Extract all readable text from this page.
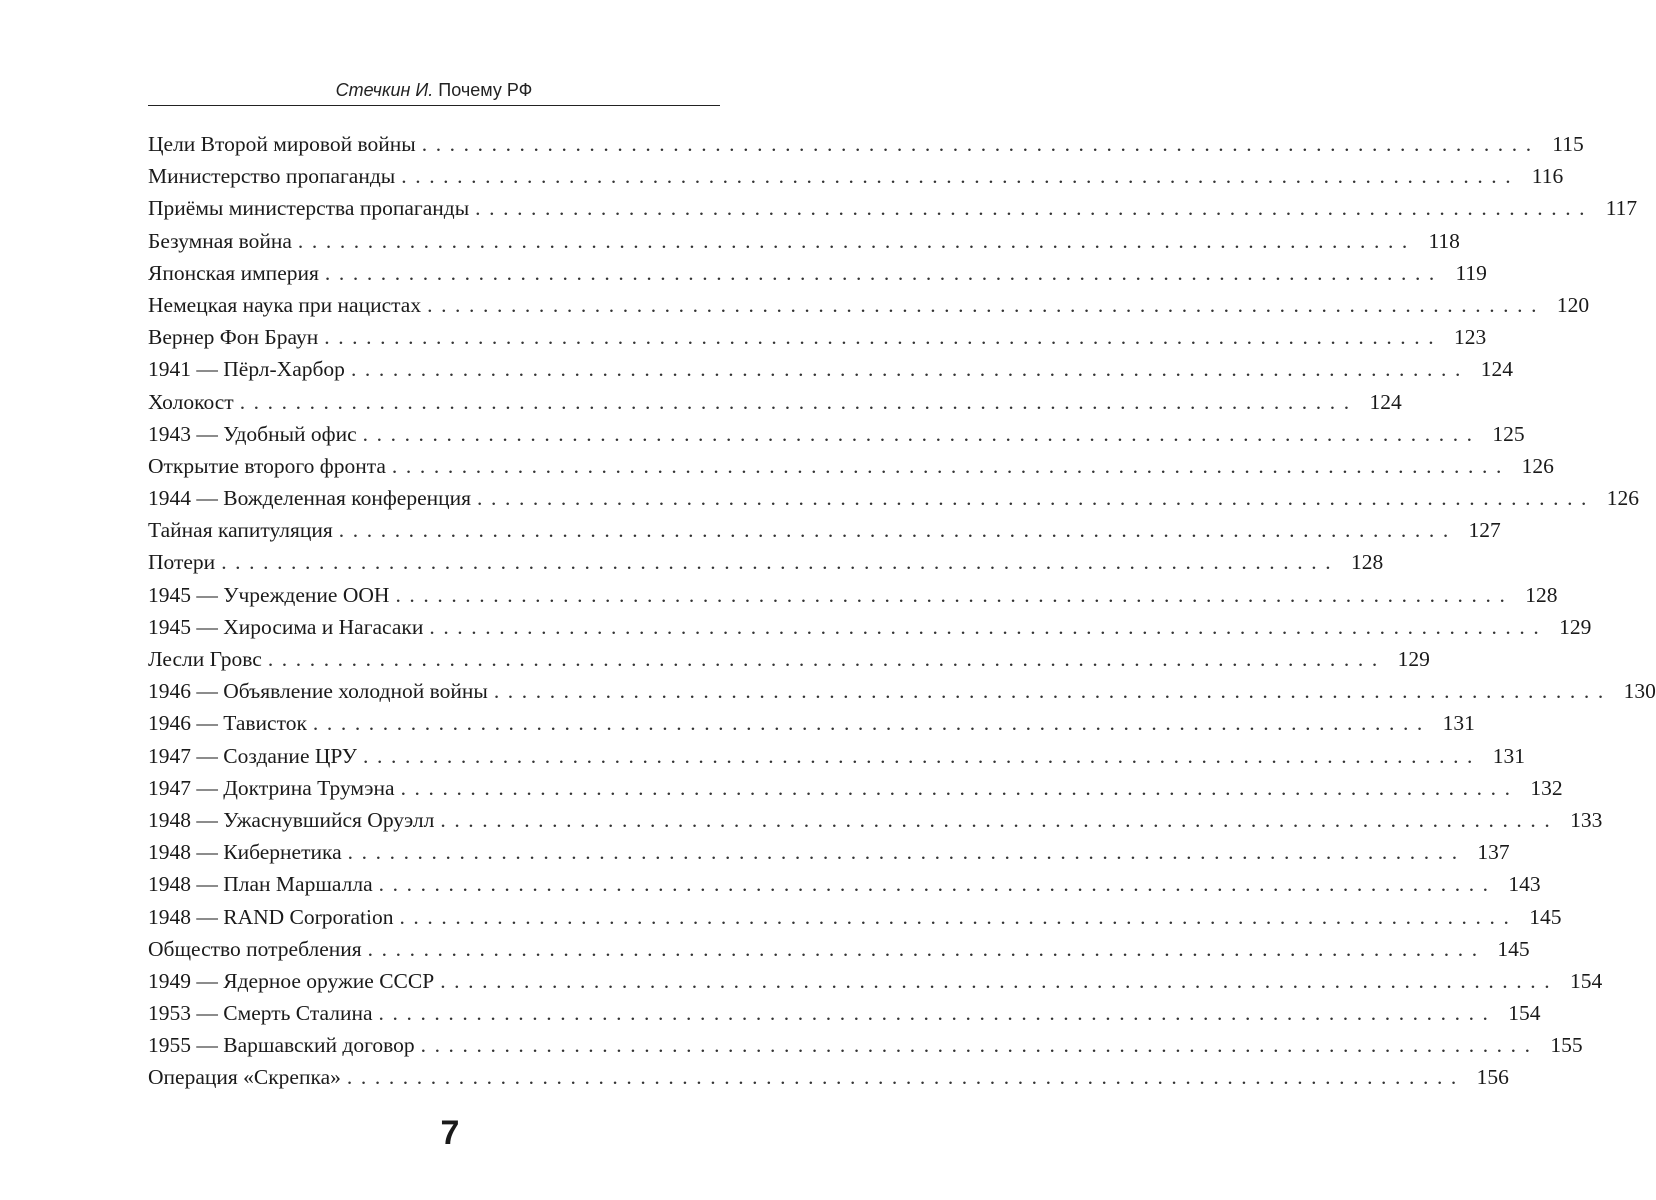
Стечкин И. Почему РФ
Цели Второй мировой войны ................................................................................ 115
Министерство пропаганды ................................................................................ 116
Приёмы министерства пропаганды ................................................................................ 117
Безумная война ................................................................................ 118
Японская империя ................................................................................ 119
Немецкая наука при нацистах ................................................................................ 120
Вернер Фон Браун ................................................................................ 123
1941 — Пёрл-Харбор ................................................................................ 124
Холокост ................................................................................ 124
1943 — Удобный офис ................................................................................ 125
Открытие второго фронта ................................................................................ 126
1944 — Вожделенная конференция ................................................................................ 126
Тайная капитуляция ................................................................................ 127
Потери ................................................................................ 128
1945 — Учреждение ООН ................................................................................ 128
1945 — Хиросима и Нагасаки ................................................................................ 129
Лесли Гровс ................................................................................ 129
1946 — Объявление холодной войны ................................................................................ 130
1946 — Тависток ................................................................................ 131
1947 — Создание ЦРУ ................................................................................ 131
1947 — Доктрина Трумэна ................................................................................ 132
1948 — Ужаснувшийся Оруэлл ................................................................................ 133
1948 — Кибернетика ................................................................................ 137
1948 — План Маршалла ................................................................................ 143
1948 — RAND Corporation ................................................................................ 145
Общество потребления ................................................................................ 145
1949 — Ядерное оружие СССР ................................................................................ 154
1953 — Смерть Сталина ................................................................................ 154
1955 — Варшавский договор ................................................................................ 155
Операция «Скрепка» ................................................................................ 156
7
